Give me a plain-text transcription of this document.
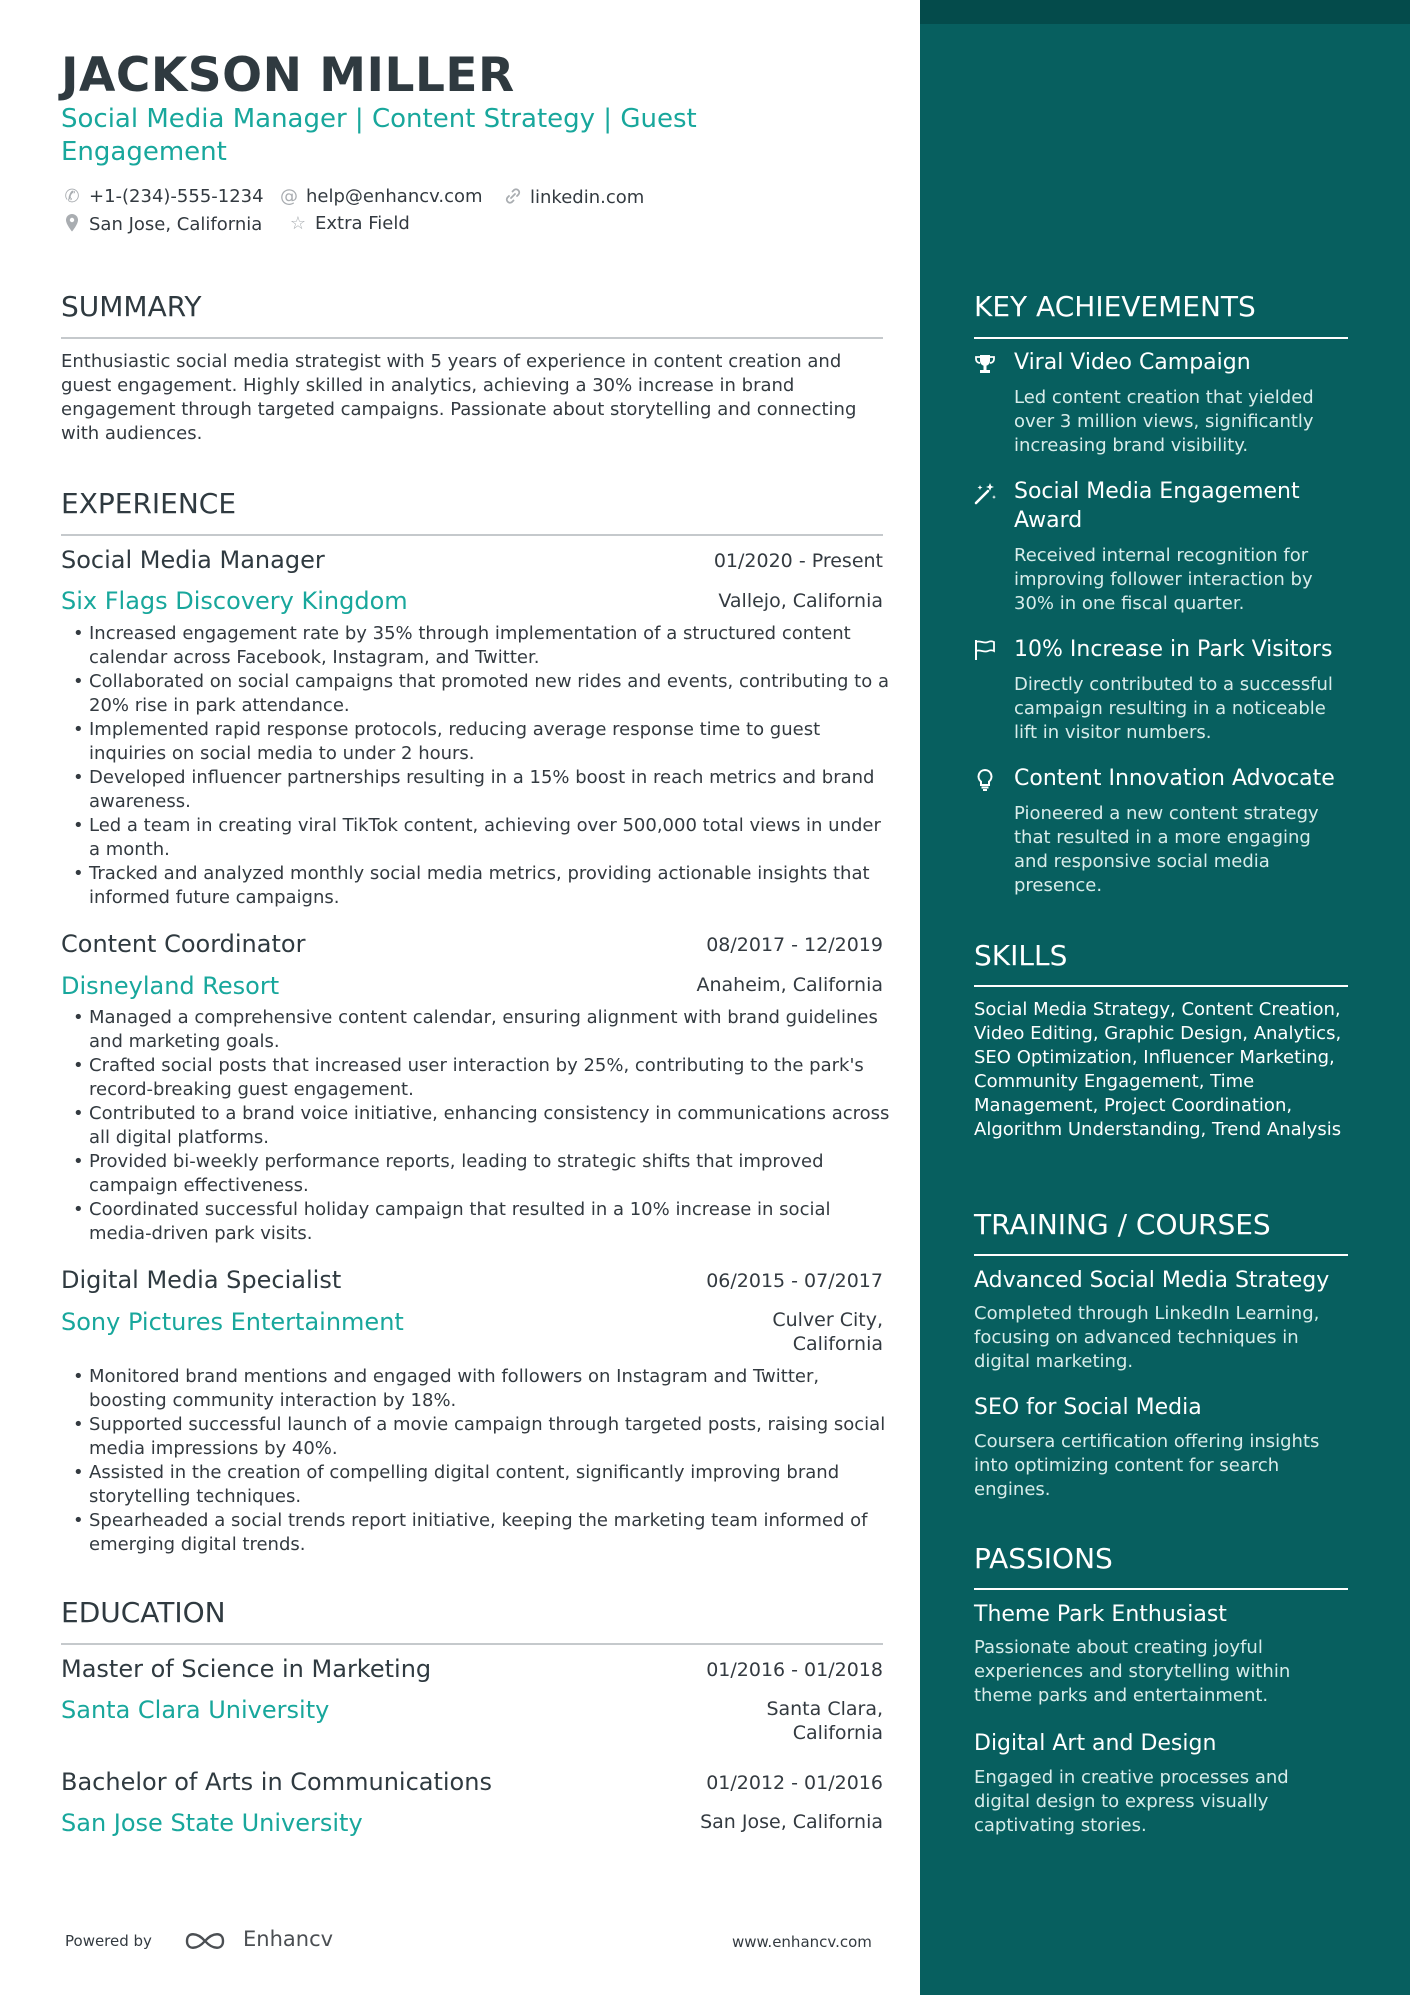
JACKSON MILLER
Social Media Manager | Content Strategy | Guest
Engagement
✆ +1-(234)-555-1234 @ help@enhancv.com	linkedin.com
San Jose, California ☆ Extra Field
SUMMARY
Enthusiastic social media strategist with 5 years of experience in content creation and guest engagement. Highly skilled in analytics, achieving a 30% increase in brand engagement through targeted campaigns. Passionate about storytelling and connecting with audiences.
EXPERIENCE
Social Media Manager	01/2020 - Present
Six Flags Discovery Kingdom	Vallejo, California
• Increased engagement rate by 35% through implementation of a structured content calendar across Facebook, Instagram, and Twitter.
• Collaborated on social campaigns that promoted new rides and events, contributing to a 20% rise in park attendance.
• Implemented rapid response protocols, reducing average response time to guest inquiries on social media to under 2 hours.
• Developed influencer partnerships resulting in a 15% boost in reach metrics and brand awareness.
• Led a team in creating viral TikTok content, achieving over 500,000 total views in under a month.
• Tracked and analyzed monthly social media metrics, providing actionable insights that informed future campaigns.
Content Coordinator	08/2017 - 12/2019
Disneyland Resort	Anaheim, California
• Managed a comprehensive content calendar, ensuring alignment with brand guidelines and marketing goals.
• Crafted social posts that increased user interaction by 25%, contributing to the park's record-breaking guest engagement.
• Contributed to a brand voice initiative, enhancing consistency in communications across all digital platforms.
• Provided bi-weekly performance reports, leading to strategic shifts that improved campaign effectiveness.
• Coordinated successful holiday campaign that resulted in a 10% increase in social media-driven park visits.
Digital Media Specialist	06/2015 - 07/2017
Sony Pictures Entertainment	Culver City,
California
• Monitored brand mentions and engaged with followers on Instagram and Twitter, boosting community interaction by 18%.
• Supported successful launch of a movie campaign through targeted posts, raising social media impressions by 40%.
• Assisted in the creation of compelling digital content, significantly improving brand storytelling techniques.
• Spearheaded a social trends report initiative, keeping the marketing team informed of emerging digital trends.
EDUCATION
Master of Science in Marketing	01/2016 - 01/2018
Santa Clara University	Santa Clara,
California
Bachelor of Arts in Communications	01/2012 - 01/2016
San Jose State University	San Jose, California
Powered by	Enhancv	www.enhancv.com
KEY ACHIEVEMENTS
Viral Video Campaign
Led content creation that yielded over 3 million views, significantly increasing brand visibility.
Social Media Engagement Award
Received internal recognition for improving follower interaction by 30% in one fiscal quarter.
10% Increase in Park Visitors
Directly contributed to a successful campaign resulting in a noticeable lift in visitor numbers.
Content Innovation Advocate
Pioneered a new content strategy that resulted in a more engaging and responsive social media presence.
SKILLS
Social Media Strategy, Content Creation, Video Editing, Graphic Design, Analytics, SEO Optimization, Influencer Marketing, Community Engagement, Time Management, Project Coordination, Algorithm Understanding, Trend Analysis
TRAINING / COURSES
Advanced Social Media Strategy
Completed through LinkedIn Learning, focusing on advanced techniques in digital marketing.
SEO for Social Media
Coursera certification offering insights into optimizing content for search engines.
PASSIONS
Theme Park Enthusiast
Passionate about creating joyful experiences and storytelling within theme parks and entertainment.
Digital Art and Design
Engaged in creative processes and digital design to express visually captivating stories.
